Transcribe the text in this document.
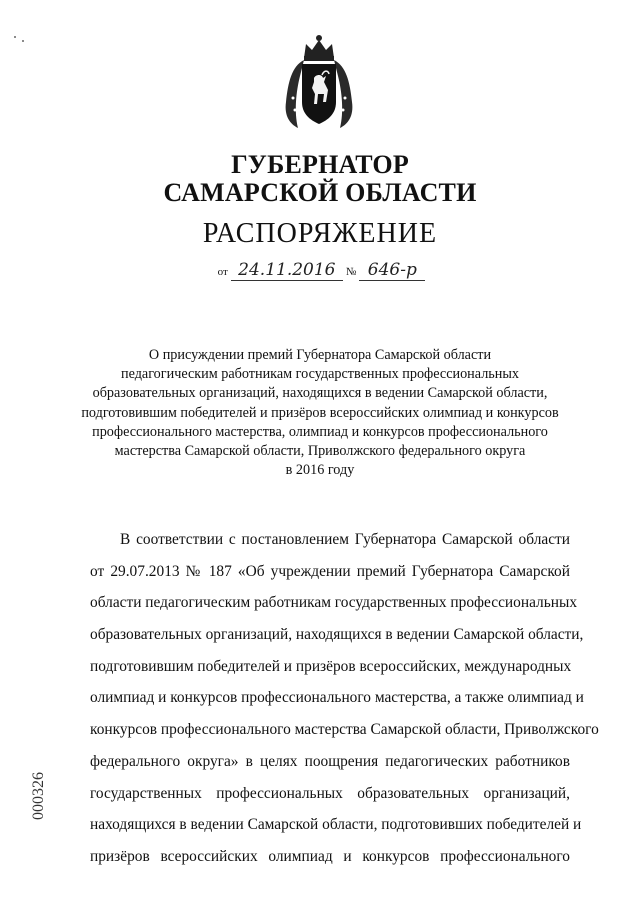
ГУБЕРНАТОР
САМАРСКОЙ ОБЛАСТИ
РАСПОРЯЖЕНИЕ
от 24.11.2016 № 646-р
О присуждении премий Губернатора Самарской области
педагогическим работникам государственных профессиональных
образовательных организаций, находящихся в ведении Самарской области,
подготовившим победителей и призёров всероссийских олимпиад и конкурсов
профессионального мастерства, олимпиад и конкурсов профессионального
мастерства Самарской области, Приволжского федерального округа
в 2016 году
В соответствии с постановлением Губернатора Самарской области
от 29.07.2013 № 187 «Об учреждении премий Губернатора Самарской
области педагогическим работникам государственных профессиональных
образовательных организаций, находящихся в ведении Самарской области,
подготовившим победителей и призёров всероссийских, международных
олимпиад и конкурсов профессионального мастерства, а также олимпиад и
конкурсов профессионального мастерства Самарской области, Приволжского
федерального округа» в целях поощрения педагогических работников
государственных профессиональных образовательных организаций,
находящихся в ведении Самарской области, подготовивших победителей и
призёров всероссийских олимпиад и конкурсов профессионального
000326
